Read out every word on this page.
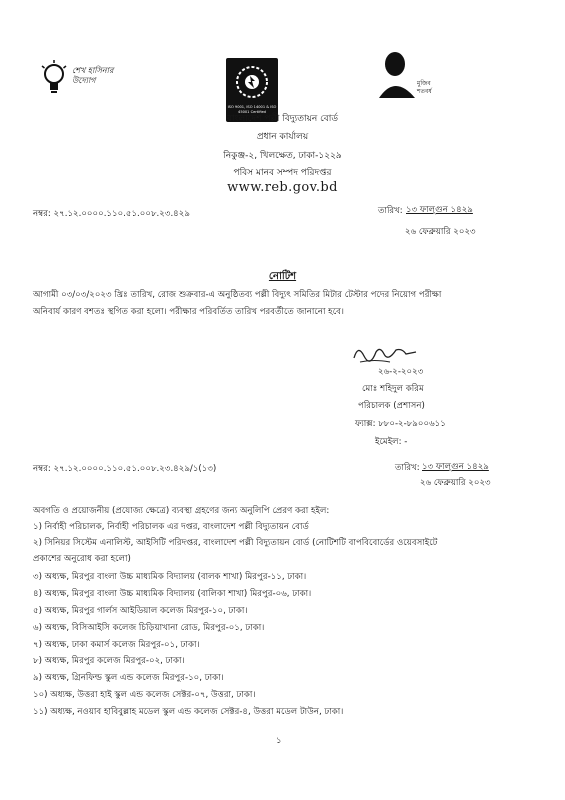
শেখ হাসিনার উদ্যোগ
ISO 9001, ISO 14001 & ISO 45001 Certified
মুজিব শতবর্ষ
বাংলাদেশ পল্লী বিদ্যুতায়ন বোর্ড
প্রধান কার্যালয়
নিকুঞ্জ-২, খিলক্ষেত, ঢাকা-১২২৯
পবিস মানব সম্পদ পরিদপ্তর
www.reb.gov.bd
নম্বর: ২৭.১২.০০০০.১১০.৫১.০০৮.২৩.৪২৯	তারিখ: ১৩ ফাল্গুন ১৪২৯
২৬ ফেব্রুয়ারি ২০২৩
নোটিশ
আগামী ০৩/০৩/২০২৩ খ্রিঃ তারিখ, রোজ শুক্রবার-এ অনুষ্ঠিতব্য পল্লী বিদ্যুৎ সমিতির মিটার টেস্টার পদের নিয়োগ পরীক্ষা
অনিবার্য কারণ বশতঃ স্থগিত করা হলো। পরীক্ষার পরিবর্তিত তারিখ পরবর্তীতে জানানো হবে।
২৬-২-২০২৩
মোঃ শহিদুল করিম
পরিচালক (প্রশাসন)
ফ্যাক্স: ৮৮০-২-৮৯০০৬১১
ইমেইল: -
নম্বর: ২৭.১২.০০০০.১১০.৫১.০০৮.২৩.৪২৯/১(১৩)	তারিখ: ১৩ ফাল্গুন ১৪২৯
২৬ ফেব্রুয়ারি ২০২৩
অবগতি ও প্রয়োজনীয় (প্রযোজ্য ক্ষেত্রে) ব্যবস্থা গ্রহণের জন্য অনুলিপি প্রেরণ করা হইল:
১) নির্বাহী পরিচালক, নির্বাহী পরিচালক এর দপ্তর, বাংলাদেশ পল্লী বিদ্যুতায়ন বোর্ড
২) সিনিয়র সিস্টেম এনালিস্ট, আইসিটি পরিদপ্তর, বাংলাদেশ পল্লী বিদ্যুতায়ন বোর্ড (নোটিশটি বাপবিবোর্ডের ওয়েবসাইটে
প্রকাশের অনুরোধ করা হলো)
৩) অধ্যক্ষ, মিরপুর বাংলা উচ্চ মাধ্যমিক বিদ্যালয় (বালক শাখা) মিরপুর-১১, ঢাকা।
৪) অধ্যক্ষ, মিরপুর বাংলা উচ্চ মাধ্যমিক বিদ্যালয় (বালিকা শাখা) মিরপুর-০৬, ঢাকা।
৫) অধ্যক্ষ, মিরপুর গার্লস আইডিয়াল কলেজ মিরপুর-১০, ঢাকা।
৬) অধ্যক্ষ, বিসিআইসি কলেজ চিড়িয়াখানা রোড, মিরপুর-০১, ঢাকা।
৭) অধ্যক্ষ, ঢাকা কমার্স কলেজ মিরপুর-০১, ঢাকা।
৮) অধ্যক্ষ, মিরপুর কলেজ মিরপুর-০২, ঢাকা।
৯) অধ্যক্ষ, গ্রিনফিল্ড স্কুল এন্ড কলেজ মিরপুর-১০, ঢাকা।
১০) অধ্যক্ষ, উত্তরা হাই স্কুল এন্ড কলেজ সেক্টর-০৭, উত্তরা, ঢাকা।
১১) অধ্যক্ষ, নওয়াব হাবিবুল্লাহ মডেল স্কুল এন্ড কলেজ সেক্টর-৪, উত্তরা মডেল টাউন, ঢাকা।
১
